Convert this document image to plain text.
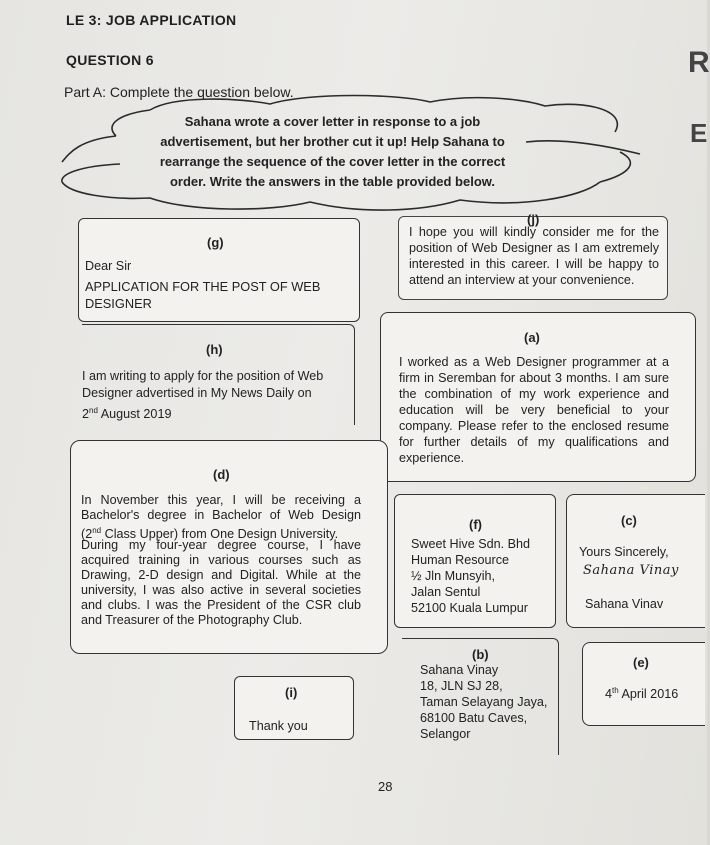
LE 3: JOB APPLICATION
QUESTION 6
Part A: Complete the question below.
R
E
Sahana wrote a cover letter in response to a job
advertisement, but her brother cut it up! Help Sahana to
rearrange the sequence of the cover letter in the correct
order. Write the answers in the table provided below.
(g)
Dear Sir
APPLICATION FOR THE POST OF WEB
DESIGNER
(j)
I hope you will kindly consider me for the
position of Web Designer as I am extremely
interested in this career. I will be happy to
attend an interview at your convenience.
(h)
I am writing to apply for the position of Web
Designer advertised in My News Daily on
2nd August 2019
(a)
I worked as a Web Designer programmer at a
firm in Seremban for about 3 months. I am sure
the combination of my work experience and
education will be very beneficial to your
company. Please refer to the enclosed resume
for further details of my qualifications and
experience.
(d)
In November this year, I will be receiving a
Bachelor's degree in Bachelor of Web Design
(2nd Class Upper) from One Design University.
During my four-year degree course, I have
acquired training in various courses such as
Drawing, 2-D design and Digital. While at the
university, I was also active in several societies
and clubs. I was the President of the CSR club
and Treasurer of the Photography Club.
(f)
Sweet Hive Sdn. Bhd
Human Resource
½ Jln Munsyih,
Jalan Sentul
52100 Kuala Lumpur
(c)
Yours Sincerely,
Sahana Vinay
Sahana Vinav
(b)
Sahana Vinay
18, JLN SJ 28,
Taman Selayang Jaya,
68100 Batu Caves,
Selangor
(i)
Thank you
(e)
4th April 2016
28
